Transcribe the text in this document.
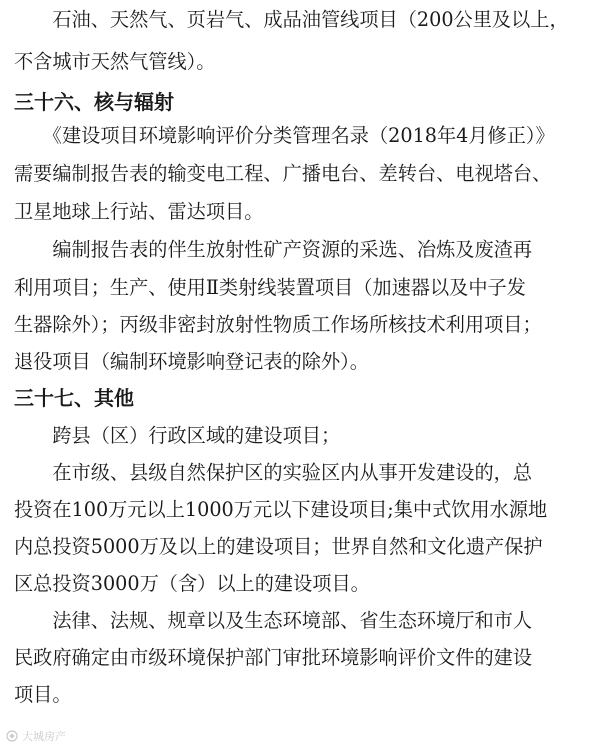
　　石油、天然气、页岩气、成品油管线项目（200公里及以上，
不含城市天然气管线）。
三十六、核与辐射
　　《建设项目环境影响评价分类管理名录（2018年4月修正）》
需要编制报告表的输变电工程、广播电台、差转台、电视塔台、
卫星地球上行站、雷达项目。
　　编制报告表的伴生放射性矿产资源的采选、冶炼及废渣再
利用项目；生产、使用Ⅱ类射线装置项目（加速器以及中子发
生器除外）；丙级非密封放射性物质工作场所核技术利用项目；
退役项目（编制环境影响登记表的除外）。
三十七、其他
　　跨县（区）行政区域的建设项目；
　　在市级、县级自然保护区的实验区内从事开发建设的，总
投资在100万元以上1000万元以下建设项目;集中式饮用水源地
内总投资5000万及以上的建设项目；世界自然和文化遗产保护
区总投资3000万（含）以上的建设项目。
　　法律、法规、规章以及生态环境部、省生态环境厅和市人
民政府确定由市级环境保护部门审批环境影响评价文件的建设
项目。
大城房产
